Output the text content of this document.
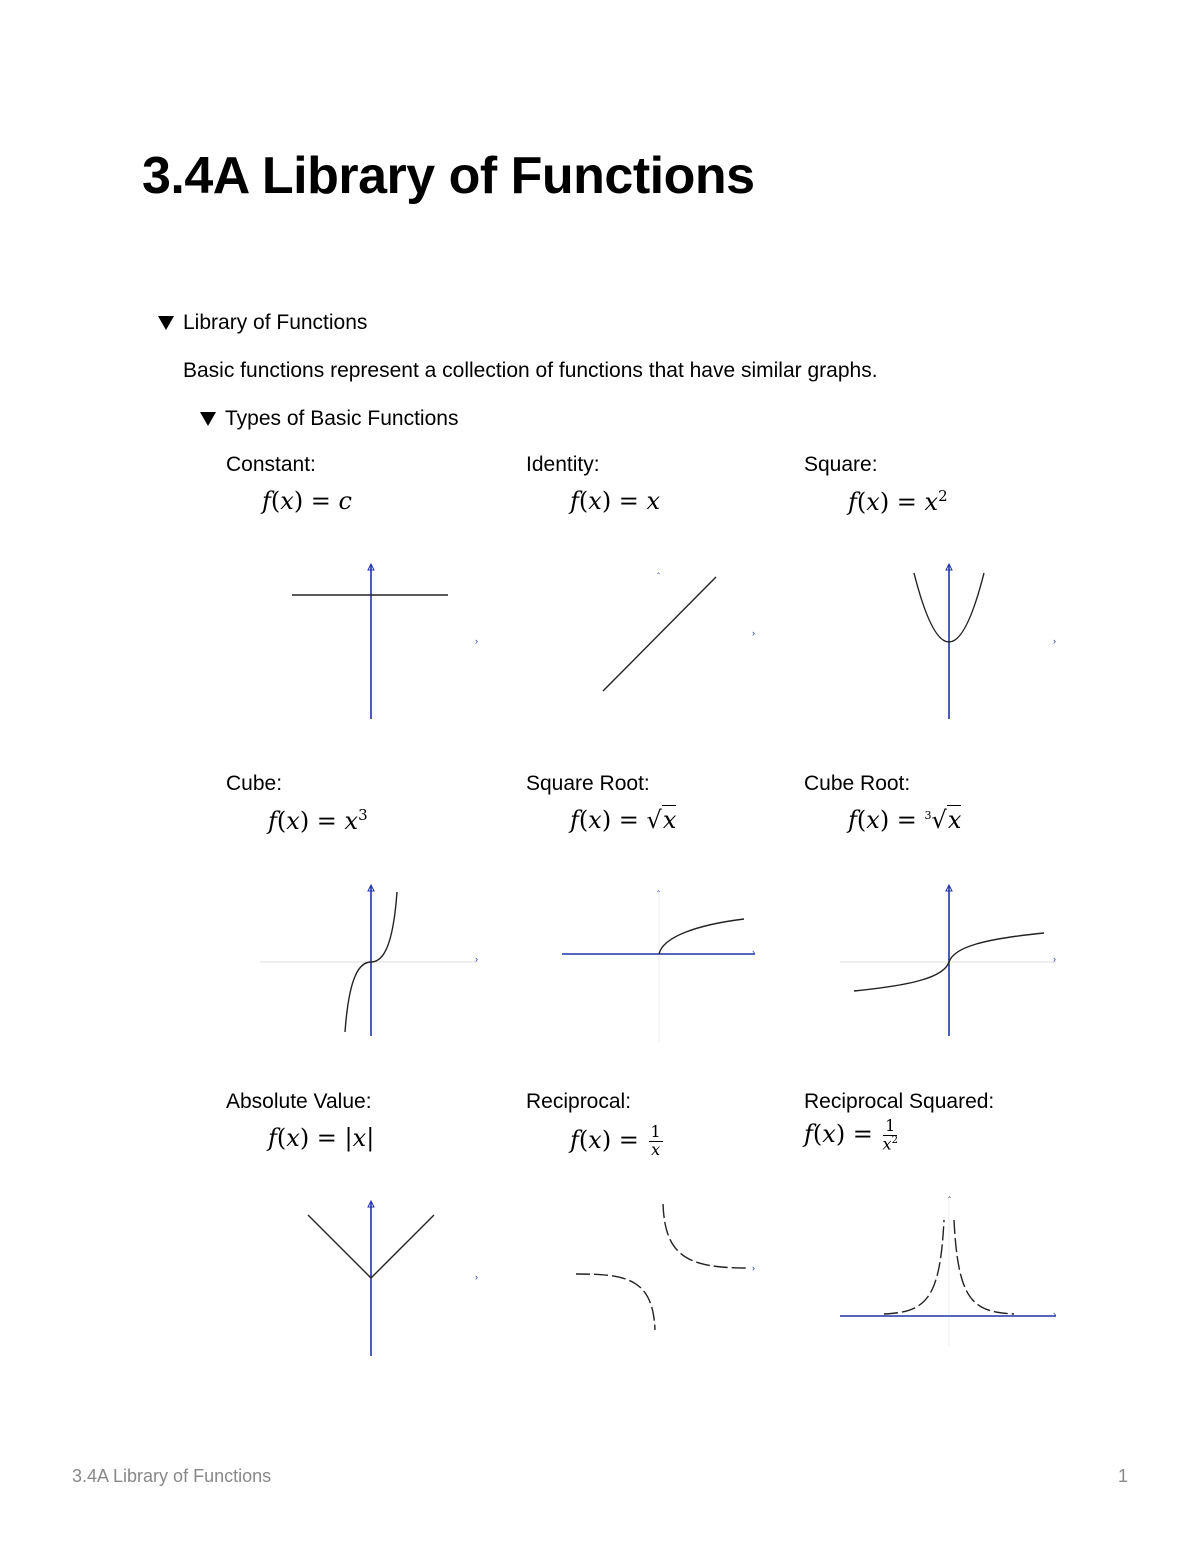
3.4A Library of Functions
Library of Functions

Basic functions represent a collection of functions that have similar graphs.

Types of Basic Functions
Constant:
f(x) = c
›
Identity:
f(x) = x
‸
›
Square:
$f(x) = x^2$
›
Cube:
$f(x) = x^3$
›
Square Root:
f(x) = √x
‸
›
Cube Root:
f(x) = $^3$√x
›
Absolute Value:
f(x) = |x|
›
Reciprocal:
$f(x) = \frac{1}{x}$
›
Reciprocal Squared:
$f(x) = \frac{1}{x^2}$
‸
›
3.4A Library of Functions	1
